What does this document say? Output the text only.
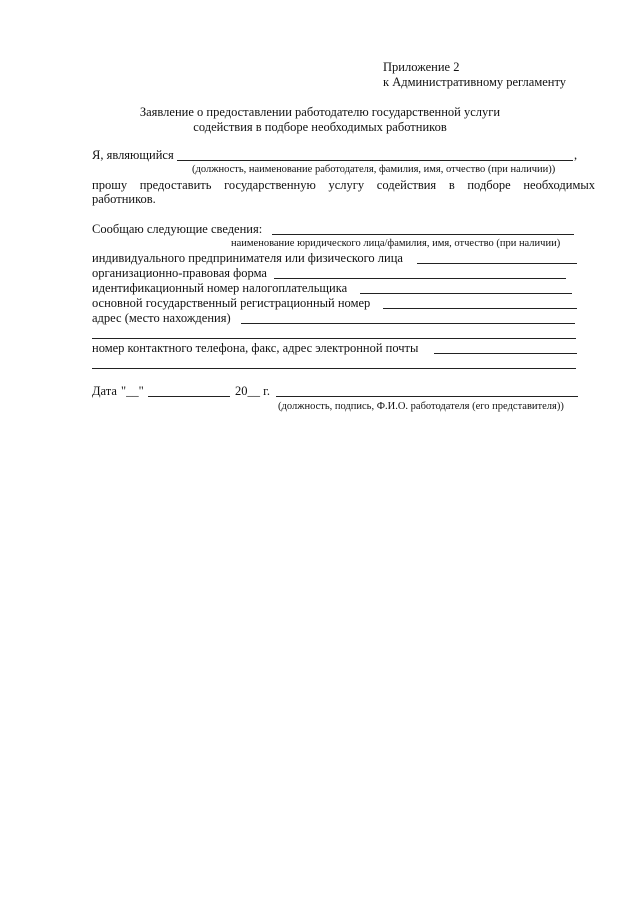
Приложение 2
к Административному регламенту
Заявление о предоставлении работодателю государственной услуги
содействия в подборе необходимых работников
Я, являющийся	,
(должность, наименование работодателя, фамилия, имя, отчество (при наличии))
прошу предоставить государственную услугу содействия в подборе необходимых
работников.
Сообщаю следующие сведения:
наименование юридического лица/фамилия, имя, отчество (при наличии)
индивидуального предпринимателя или физического лица
организационно-правовая форма
идентификационный номер налогоплательщика
основной государственный регистрационный номер
адрес (место нахождения)
номер контактного телефона, факс, адрес электронной почты
Дата "__"	20__ г.
(должность, подпись, Ф.И.О. работодателя (его представителя))
